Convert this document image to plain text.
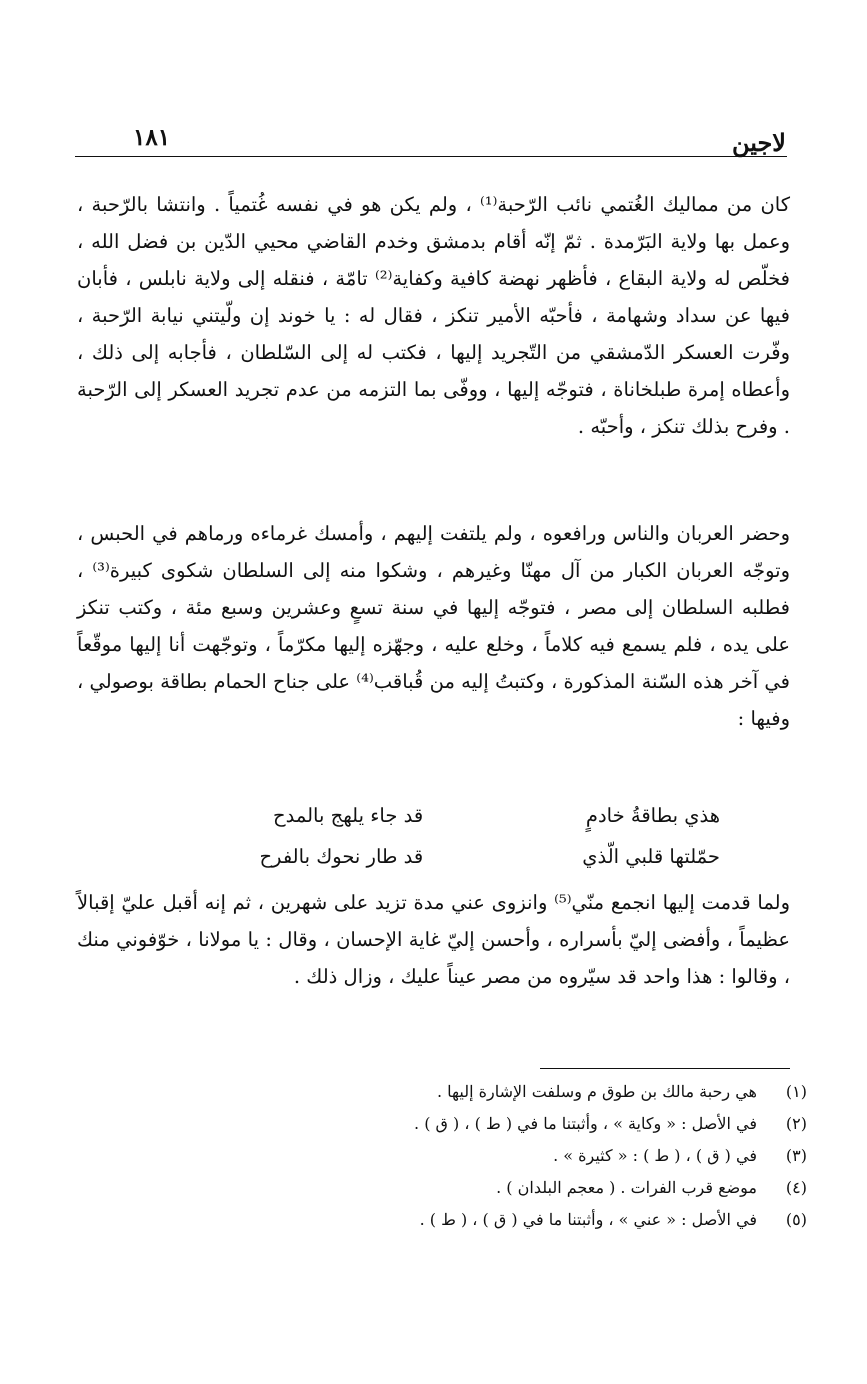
لاجين
١٨١
كان من مماليك الغُتمي نائب الرّحبة⁽¹⁾ ، ولم يكن هو في نفسه غُتمياً . وانتشا بالرّحبة ، وعمل بها ولاية البَرّمدة . ثمّ إنّه أقام بدمشق وخدم القاضي محيي الدّين بن فضل الله ، فخلّص له ولاية البقاع ، فأظهر نهضة كافية وكفاية⁽²⁾ تامّة ، فنقله إلى ولاية نابلس ، فأبان فيها عن سداد وشهامة ، فأحبّه الأمير تنكز ، فقال له : يا خوند إن ولّيتني نيابة الرّحبة ، وفّرت العسكر الدّمشقي من التّجريد إليها ، فكتب له إلى السّلطان ، فأجابه إلى ذلك ، وأعطاه إمرة طبلخاناة ، فتوجّه إليها ، ووفّى بما التزمه من عدم تجريد العسكر إلى الرّحبة . وفرح بذلك تنكز ، وأحبّه .
وحضر العربان والناس ورافعوه ، ولم يلتفت إليهم ، وأمسك غرماءه ورماهم في الحبس ، وتوجّه العربان الكبار من آل مهنّا وغيرهم ، وشكوا منه إلى السلطان شكوى كبيرة⁽³⁾ ، فطلبه السلطان إلى مصر ، فتوجّه إليها في سنة تسعٍ وعشرين وسبع مئة ، وكتب تنكز على يده ، فلم يسمع فيه كلاماً ، وخلع عليه ، وجهّزه إليها مكرّماً ، وتوجّهت أنا إليها موقّعاً في آخر هذه السّنة المذكورة ، وكتبتُ إليه من قُباقب⁽⁴⁾ على جناح الحمام بطاقة بوصولي ، وفيها :
هذي بطاقةُ خادمٍ
قد جاء يلهج بالمدح
حمّلتها قلبي الّذي
قد طار نحوك بالفرح
ولما قدمت إليها انجمع منّي⁽⁵⁾ وانزوى عني مدة تزيد على شهرين ، ثم إنه أقبل عليّ إقبالاً عظيماً ، وأفضى إليّ بأسراره ، وأحسن إليّ غاية الإحسان ، وقال : يا مولانا ، خوّفوني منك ، وقالوا : هذا واحد قد سيّروه من مصر عيناً عليك ، وزال ذلك .
(١)
هي رحبة مالك بن طوق م وسلفت الإشارة إليها .
(٢)
في الأصل : « وكاية » ، وأثبتنا ما في ( ط ) ، ( ق ) .
(٣)
في ( ق ) ، ( ط ) : « كثيرة » .
(٤)
موضع قرب الفرات . ( معجم البلدان ) .
(٥)
في الأصل : « عني » ، وأثبتنا ما في ( ق ) ، ( ط ) .
